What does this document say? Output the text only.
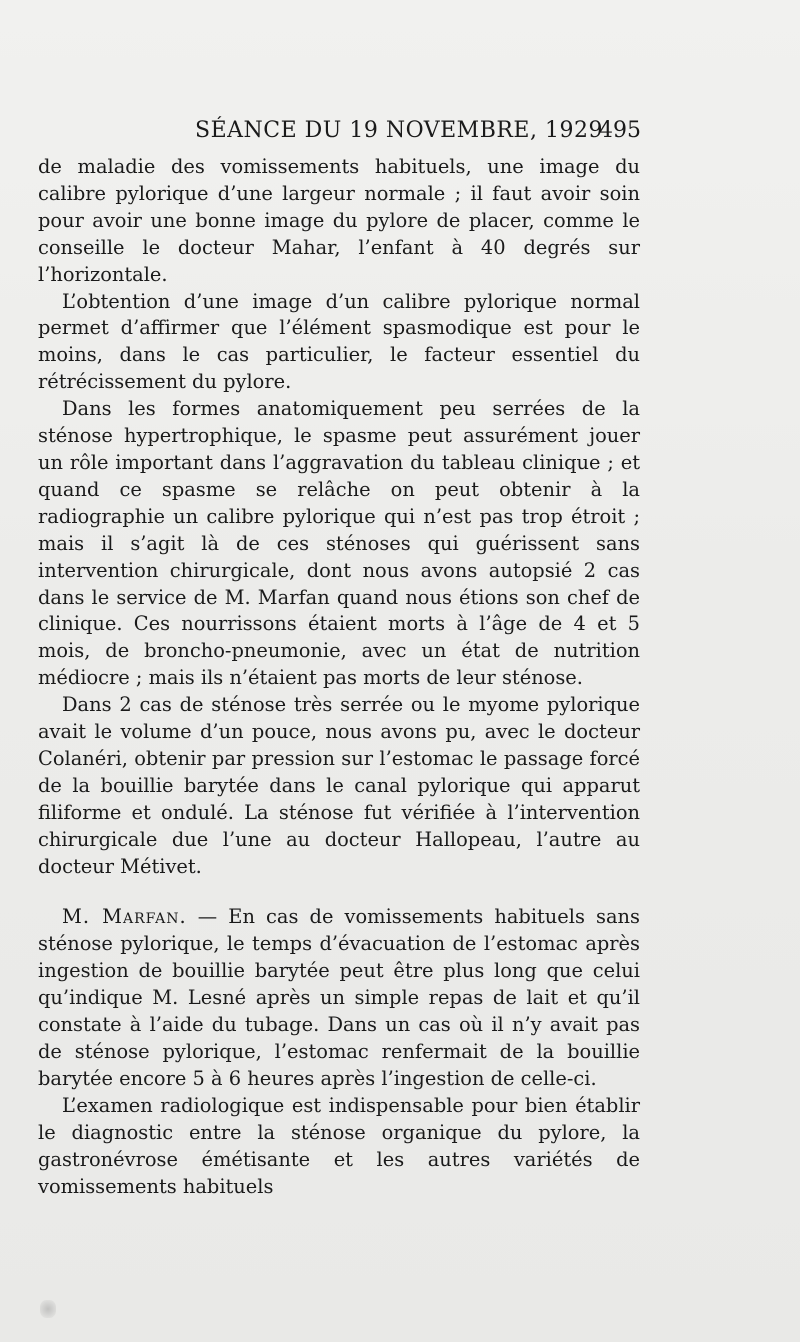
SÉANCE DU 19 NOVEMBRE, 1929
495

de maladie des vomissements habituels, une image du calibre pylorique d’une largeur normale ; il faut avoir soin pour avoir une bonne image du pylore de placer, comme le conseille le docteur Mahar, l’enfant à 40 degrés sur l’horizontale.

L’obtention d’une image d’un calibre pylorique normal permet d’affirmer que l’élément spasmodique est pour le moins, dans le cas particulier, le facteur essentiel du rétrécissement du pylore.

Dans les formes anatomiquement peu serrées de la sténose hypertrophique, le spasme peut assurément jouer un rôle important dans l’aggravation du tableau clinique ; et quand ce spasme se relâche on peut obtenir à la radiographie un calibre pylorique qui n’est pas trop étroit ; mais il s’agit là de ces sténoses qui guérissent sans intervention chirurgicale, dont nous avons autopsié 2 cas dans le service de M. Marfan quand nous étions son chef de clinique. Ces nourrissons étaient morts à l’âge de 4 et 5 mois, de broncho-pneumonie, avec un état de nutrition médiocre ; mais ils n’étaient pas morts de leur sténose.

Dans 2 cas de sténose très serrée ou le myome pylorique avait le volume d’un pouce, nous avons pu, avec le docteur Colanéri, obtenir par pression sur l’estomac le passage forcé de la bouillie barytée dans le canal pylorique qui apparut filiforme et ondulé. La sténose fut vérifiée à l’intervention chirurgicale due l’une au docteur Hallopeau, l’autre au docteur Métivet.

M. Marfan. — En cas de vomissements habituels sans sténose pylorique, le temps d’évacuation de l’estomac après ingestion de bouillie barytée peut être plus long que celui qu’indique M. Lesné après un simple repas de lait et qu’il constate à l’aide du tubage. Dans un cas où il n’y avait pas de sténose pylorique, l’estomac renfermait de la bouillie barytée encore 5 à 6 heures après l’ingestion de celle-ci.

L’examen radiologique est indispensable pour bien établir le diagnostic entre la sténose organique du pylore, la gastronévrose émétisante et les autres variétés de vomissements habituels
